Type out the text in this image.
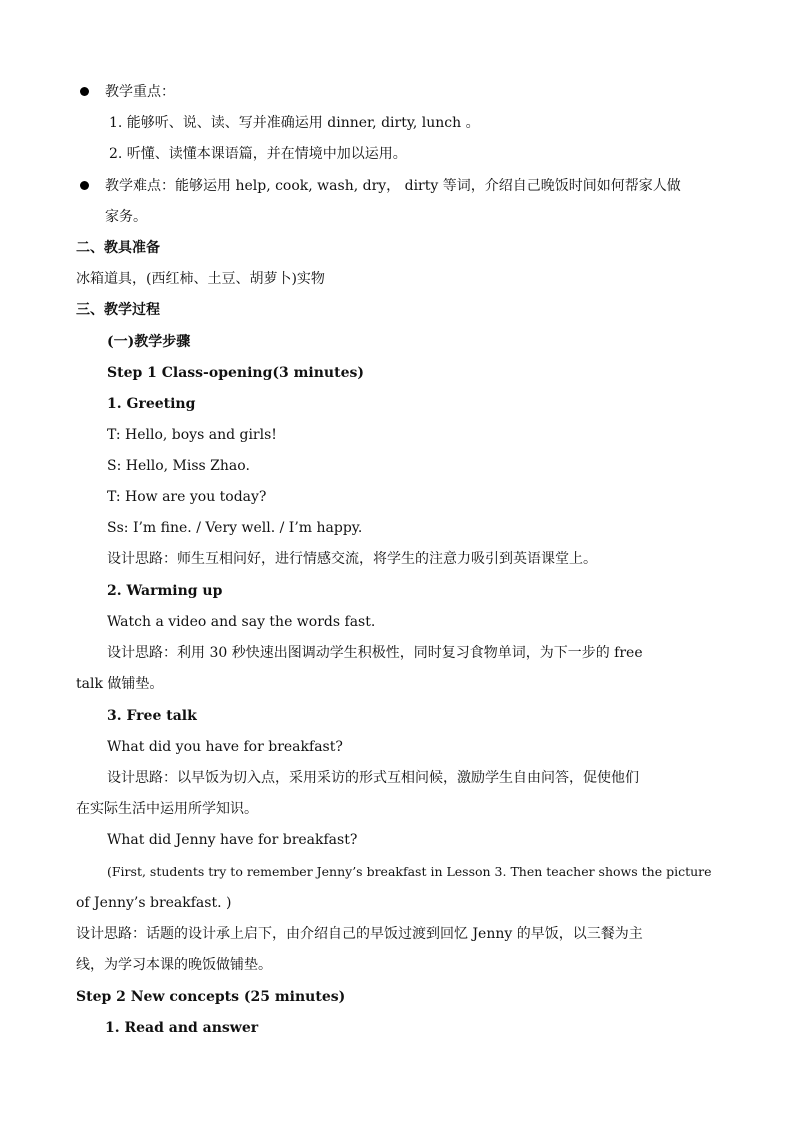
教学重点：
1. 能够听、说、读、写并准确运用 dinner, dirty, lunch 。
2. 听懂、读懂本课语篇，并在情境中加以运用。
教学难点：能够运用 help, cook, wash, dry， dirty 等词，介绍自己晚饭时间如何帮家人做
家务。
二、教具准备
冰箱道具，(西红柿、土豆、胡萝卜)实物
三、教学过程
(一)教学步骤
Step 1 Class-opening(3 minutes)
1. Greeting
T: Hello, boys and girls!
S: Hello, Miss Zhao.
T: How are you today?
Ss: I’m fine. / Very well. / I’m happy.
设计思路：师生互相问好，进行情感交流，将学生的注意力吸引到英语课堂上。
2. Warming up
Watch a video and say the words fast.
设计思路：利用 30 秒快速出图调动学生积极性，同时复习食物单词，为下一步的 free
talk 做铺垫。
3. Free talk
What did you have for breakfast?
设计思路：以早饭为切入点，采用采访的形式互相问候，激励学生自由问答，促使他们
在实际生活中运用所学知识。
What did Jenny have for breakfast?
(First, students try to remember Jenny’s breakfast in Lesson 3. Then teacher shows the picture
of Jenny’s breakfast. )
设计思路：话题的设计承上启下，由介绍自己的早饭过渡到回忆 Jenny 的早饭，以三餐为主
线，为学习本课的晚饭做铺垫。
Step 2 New concepts (25 minutes)
1. Read and answer
